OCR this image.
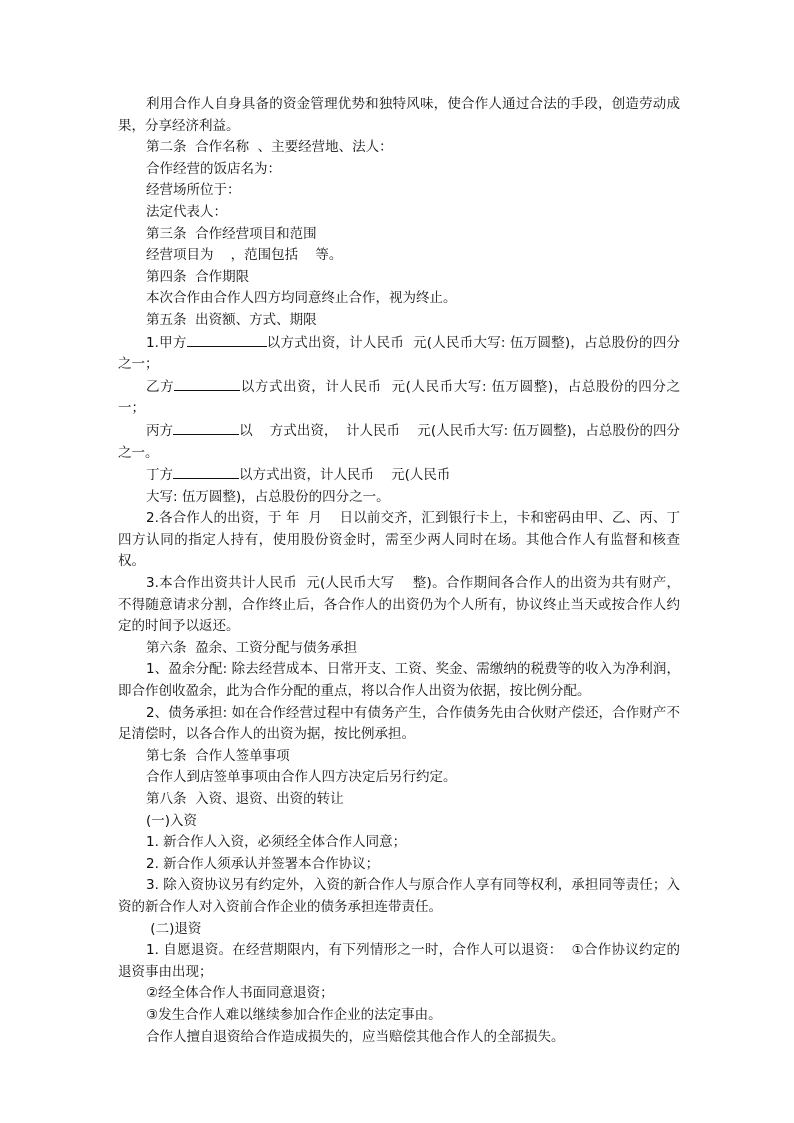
利用合作人自身具备的资金管理优势和独特风味，使合作人通过合法的手段，创造劳动成果，分享经济利益。

第二条  合作名称  、主要经营地、法人：

合作经营的饭店名为：

经营场所位于：

法定代表人：

第三条  合作经营项目和范围

经营项目为    ，范围包括    等。

第四条  合作期限

本次合作由合作人四方均同意终止合作，视为终止。

第五条  出资额、方式、期限

1.甲方	以方式出资，计人民币  元(人民币大写: 伍万圆整)，占总股份的四分之一；

乙方	以方式出资，计人民币  元(人民币大写: 伍万圆整)，占总股份的四分之一；

丙方	以    方式出资，  计人民币    元(人民币大写: 伍万圆整)，占总股份的四分之一。

丁方	以方式出资，计人民币    元(人民币

大写: 伍万圆整)，占总股份的四分之一。

2.各合作人的出资，于 年  月    日以前交齐，汇到银行卡上，卡和密码由甲、乙、丙、丁四方认同的指定人持有，使用股份资金时，需至少两人同时在场。其他合作人有监督和核查权。

3.本合作出资共计人民币  元(人民币大写    整)。合作期间各合作人的出资为共有财产，不得随意请求分割，合作终止后，各合作人的出资仍为个人所有，协议终止当天或按合作人约定的时间予以返还。

第六条  盈余、工资分配与债务承担

1、盈余分配: 除去经营成本、日常开支、工资、奖金、需缴纳的税费等的收入为净利润，即合作创收盈余，此为合作分配的重点，将以合作人出资为依据，按比例分配。

2、债务承担: 如在合作经营过程中有债务产生，合作债务先由合伙财产偿还，合作财产不足清偿时，以各合作人的出资为据，按比例承担。

第七条  合作人签单事项

合作人到店签单事项由合作人四方决定后另行约定。

第八条  入资、退资、出资的转让

(一)入资

1. 新合作人入资，必须经全体合作人同意；

2. 新合作人须承认并签署本合作协议；

3. 除入资协议另有约定外，入资的新合作人与原合作人享有同等权利，承担同等责任；入资的新合作人对入资前合作企业的债务承担连带责任。

(二)退资

1. 自愿退资。在经营期限内，有下列情形之一时，合作人可以退资：  ①合作协议约定的退资事由出现；

②经全体合作人书面同意退资；

③发生合作人难以继续参加合作企业的法定事由。

合作人擅自退资给合作造成损失的，应当赔偿其他合作人的全部损失。
